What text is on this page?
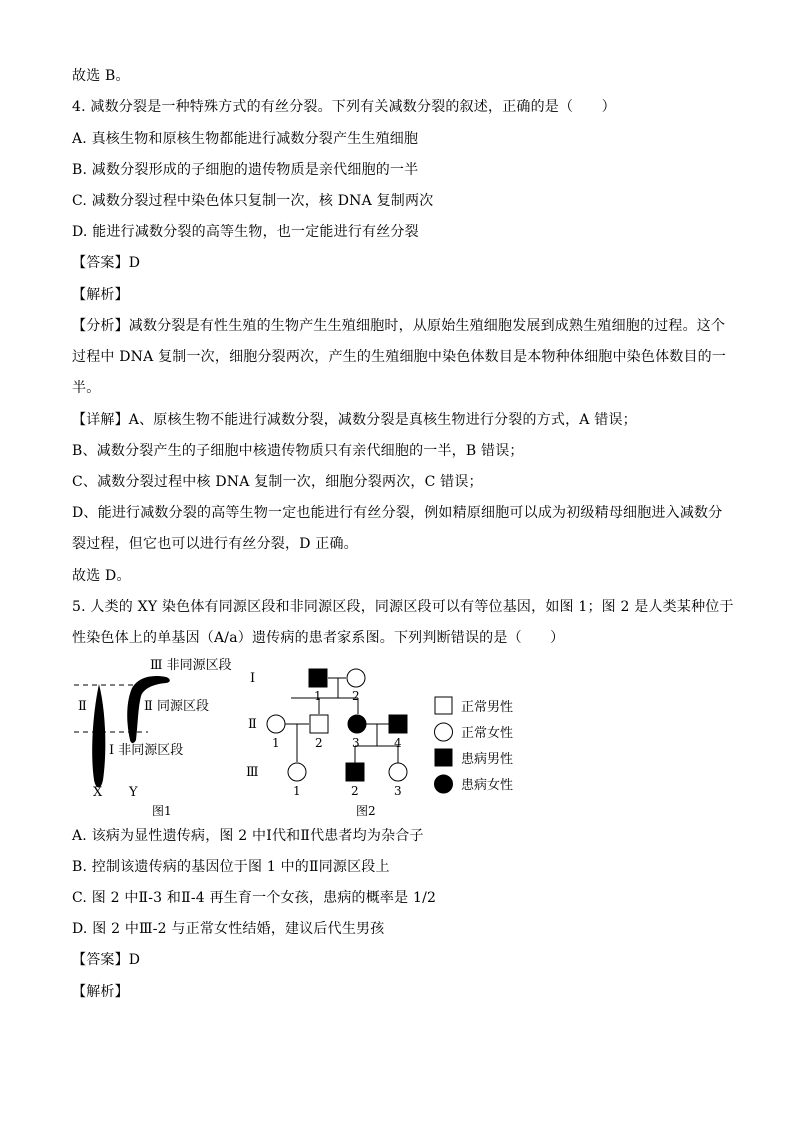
故选 B。
4. 减数分裂是一种特殊方式的有丝分裂。下列有关减数分裂的叙述，正确的是（　　）
A. 真核生物和原核生物都能进行减数分裂产生生殖细胞
B. 减数分裂形成的子细胞的遗传物质是亲代细胞的一半
C. 减数分裂过程中染色体只复制一次，核 DNA 复制两次
D. 能进行减数分裂的高等生物，也一定能进行有丝分裂
【答案】D
【解析】
【分析】减数分裂是有性生殖的生物产生生殖细胞时，从原始生殖细胞发展到成熟生殖细胞的过程。这个
过程中 DNA 复制一次，细胞分裂两次，产生的生殖细胞中染色体数目是本物种体细胞中染色体数目的一
半。
【详解】A、原核生物不能进行减数分裂，减数分裂是真核生物进行分裂的方式，A 错误；
B、减数分裂产生的子细胞中核遗传物质只有亲代细胞的一半，B 错误；
C、减数分裂过程中核 DNA 复制一次，细胞分裂两次，C 错误；
D、能进行减数分裂的高等生物一定也能进行有丝分裂，例如精原细胞可以成为初级精母细胞进入减数分
裂过程，但它也可以进行有丝分裂，D 正确。
故选 D。
5. 人类的 XY 染色体有同源区段和非同源区段，同源区段可以有等位基因，如图 1；图 2 是人类某种位于
性染色体上的单基因（A/a）遗传病的患者家系图。下列判断错误的是（　　）
Ⅲ 非同源区段
Ⅱ	Ⅱ 同源区段
Ⅰ 非同源区段
X Y
图1
Ⅰ
Ⅱ
Ⅲ
1	2
1	2 3	4
1	2	3
图2
正常男性
正常女性
患病男性
患病女性
A. 该病为显性遗传病，图 2 中Ⅰ代和Ⅱ代患者均为杂合子
B. 控制该遗传病的基因位于图 1 中的Ⅱ同源区段上
C. 图 2 中Ⅱ-3 和Ⅱ-4 再生育一个女孩，患病的概率是 1/2
D. 图 2 中Ⅲ-2 与正常女性结婚，建议后代生男孩
【答案】D
【解析】
